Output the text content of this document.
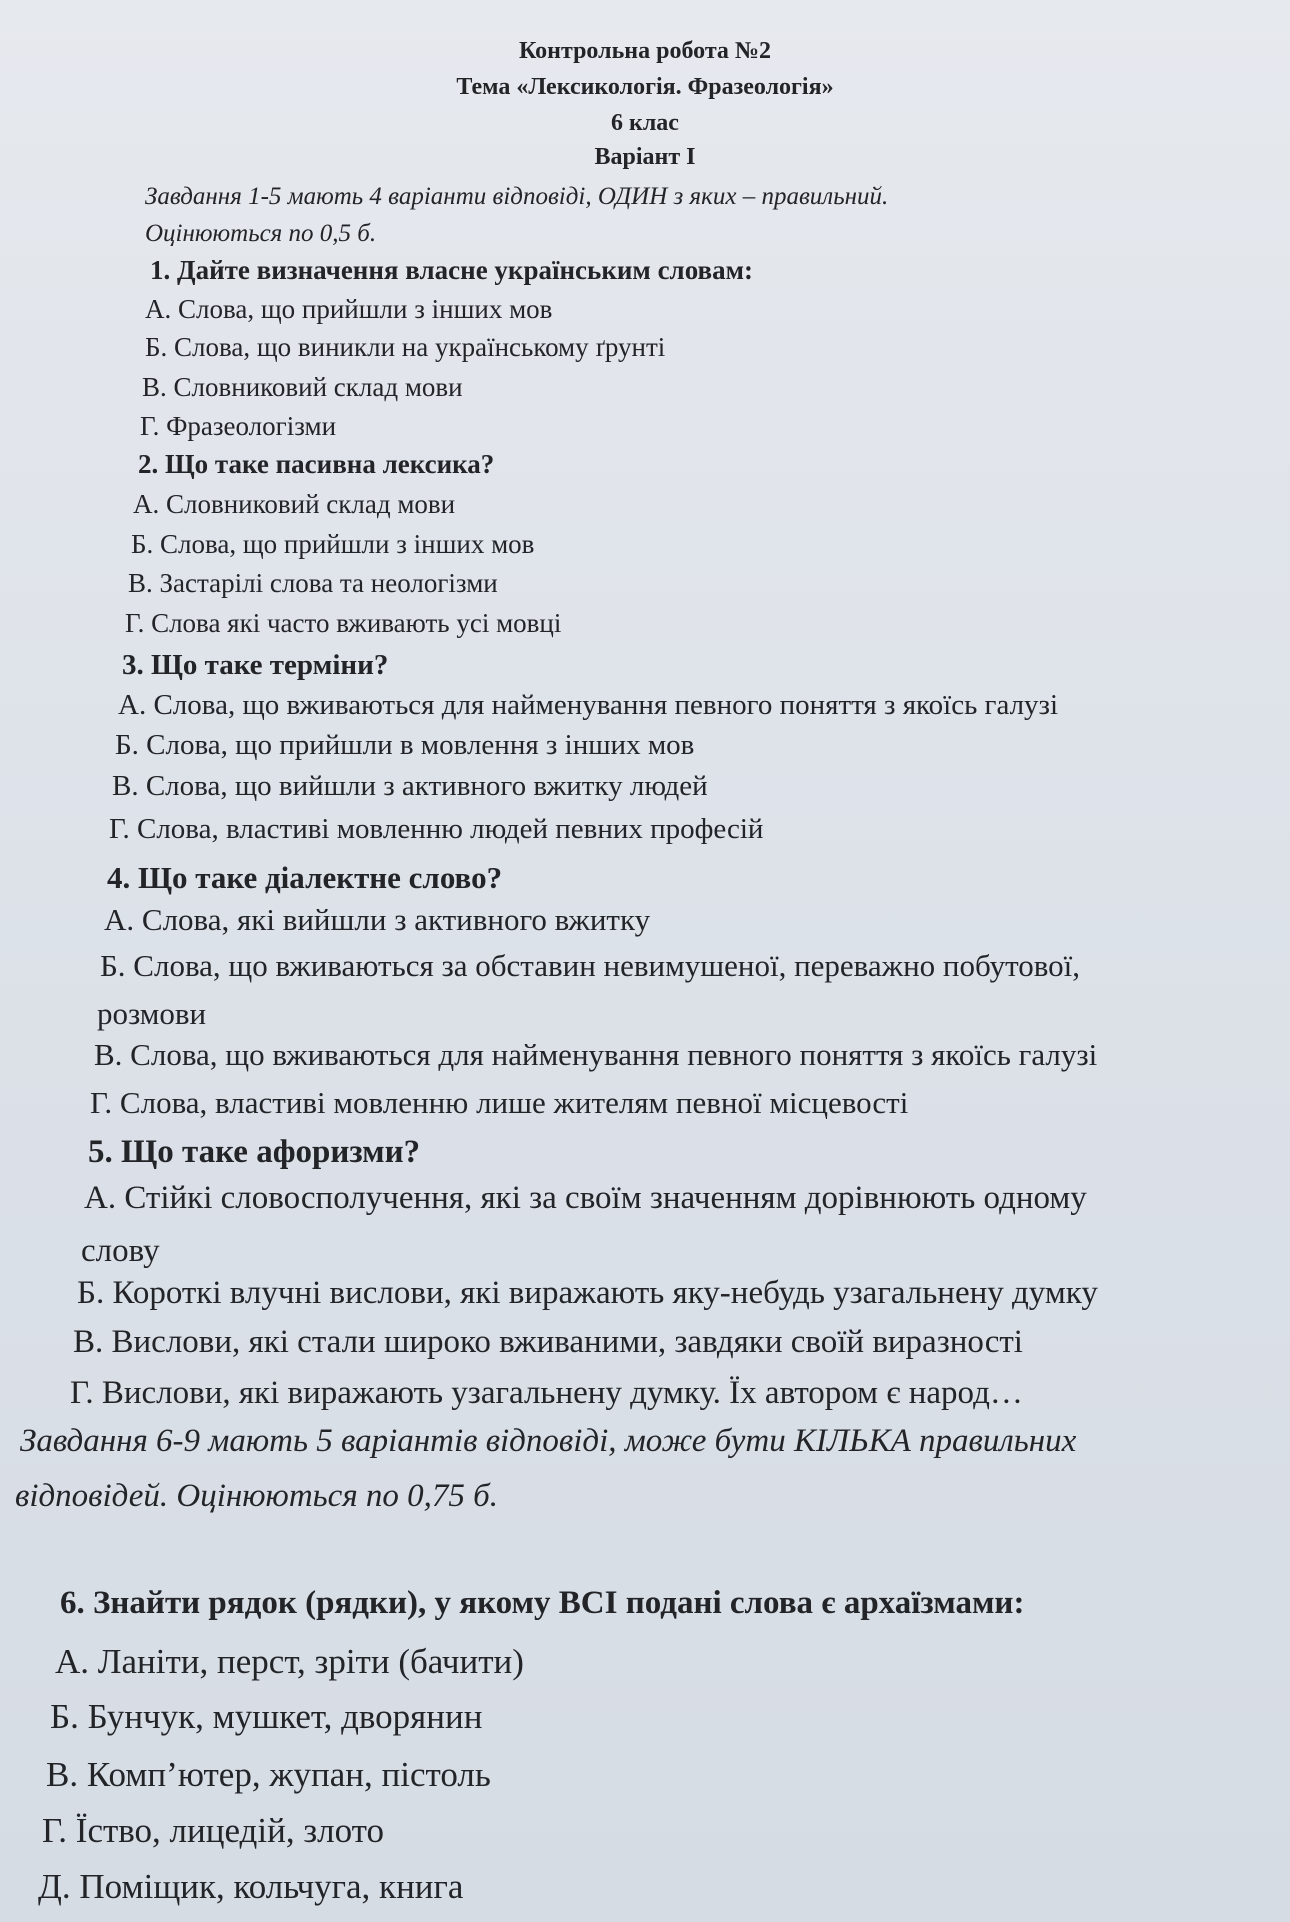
Контрольна робота №2
Тема «Лексикологія. Фразеологія»
6 клас
Варіант І
Завдання 1-5 мають 4 варіанти відповіді, ОДИН з яких – правильний.
Оцінюються по 0,5 б.
1. Дайте визначення власне українським словам:
А. Слова, що прийшли з інших мов
Б. Слова, що виникли на українському ґрунті
В. Словниковий склад мови
Г. Фразеологізми
2. Що таке пасивна лексика?
А. Словниковий склад мови
Б. Слова, що прийшли з інших мов
В. Застарілі слова та неологізми
Г. Слова які часто вживають усі мовці
3. Що таке терміни?
А. Слова, що вживаються для найменування певного поняття з якоїсь галузі
Б. Слова, що прийшли в мовлення з інших мов
В. Слова, що вийшли з активного вжитку людей
Г. Слова, властиві мовленню людей певних професій
4. Що таке діалектне слово?
А. Слова, які вийшли з активного вжитку
Б. Слова, що вживаються за обставин невимушеної, переважно побутової,
розмови
В. Слова, що вживаються для найменування певного поняття з якоїсь галузі
Г. Слова, властиві мовленню лише жителям певної місцевості
5. Що таке афоризми?
А. Стійкі словосполучення, які за своїм значенням дорівнюють одному
слову
Б. Короткі влучні вислови, які виражають яку-небудь узагальнену думку
В. Вислови, які стали широко вживаними, завдяки своїй виразності
Г. Вислови, які виражають узагальнену думку. Їх автором є народ…
Завдання 6-9 мають 5 варіантів відповіді, може бути КІЛЬКА правильних
відповідей. Оцінюються по 0,75 б.
6. Знайти рядок (рядки), у якому ВСІ подані слова є архаїзмами:
А. Ланіти, перст, зріти (бачити)
Б. Бунчук, мушкет, дворянин
В. Комп’ютер, жупан, пістоль
Г. Їство, лицедій, злото
Д. Поміщик, кольчуга, книга
